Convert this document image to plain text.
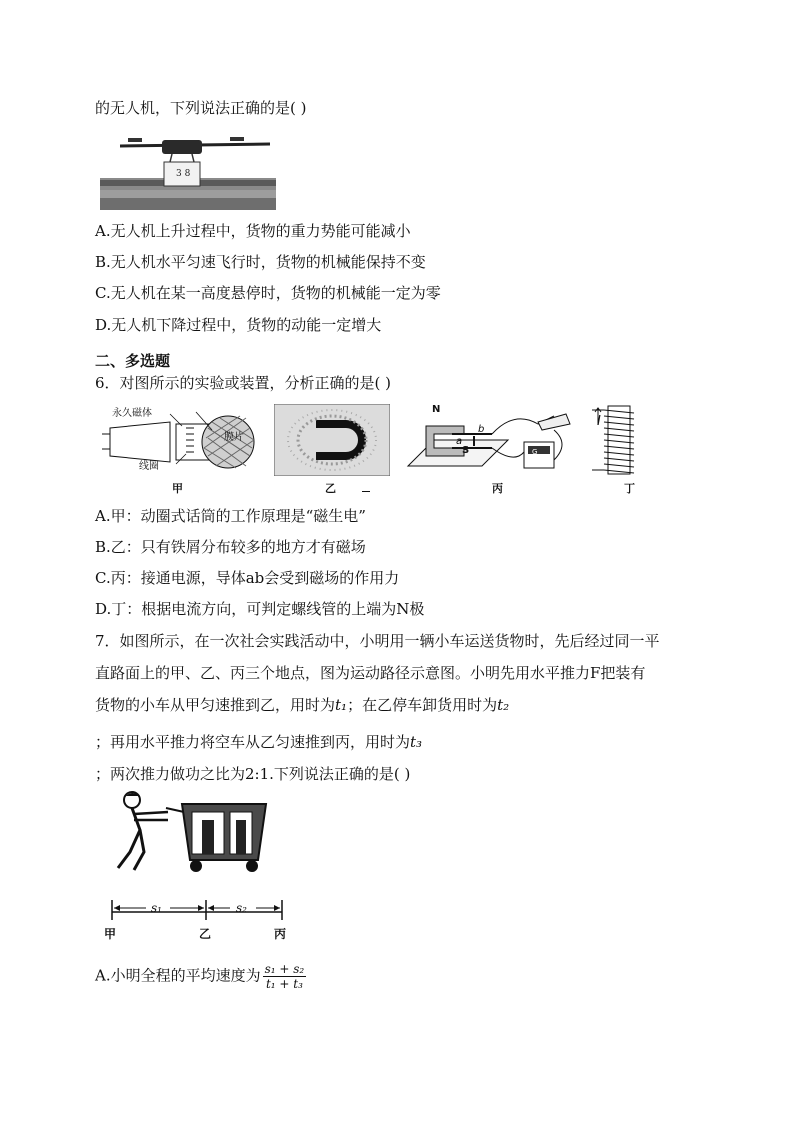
的无人机，下列说法正确的是( )
3 8
A.无人机上升过程中，货物的重力势能可能减小
B.无人机水平匀速飞行时，货物的机械能保持不变
C.无人机在某一高度悬停时，货物的机械能一定为零
D.无人机下降过程中，货物的动能一定增大
二、多选题
6．对图所示的实验或装置，分析正确的是( )
永久磁体
膜片
线圈
甲	乙
N
S
b
a
G
丙
I
丁
A.甲：动圈式话筒的工作原理是“磁生电”
B.乙：只有铁屑分布较多的地方才有磁场
C.丙：接通电源，导体ab会受到磁场的作用力
D.丁：根据电流方向，可判定螺线管的上端为N极
7．如图所示，在一次社会实践活动中，小明用一辆小车运送货物时，先后经过同一平
直路面上的甲、乙、丙三个地点，图为运动路径示意图。小明先用水平推力F把装有
货物的小车从甲匀速推到乙，用时为t₁；在乙停车卸货用时为t₂
；再用水平推力将空车从乙匀速推到丙，用时为t₃
；两次推力做功之比为2:1.下列说法正确的是( )
s₁	s₂
甲	乙	丙
A.小明全程的平均速度为 $\frac{\text{s₁ + s₂}}{\text{t₁ + t₃}}$
